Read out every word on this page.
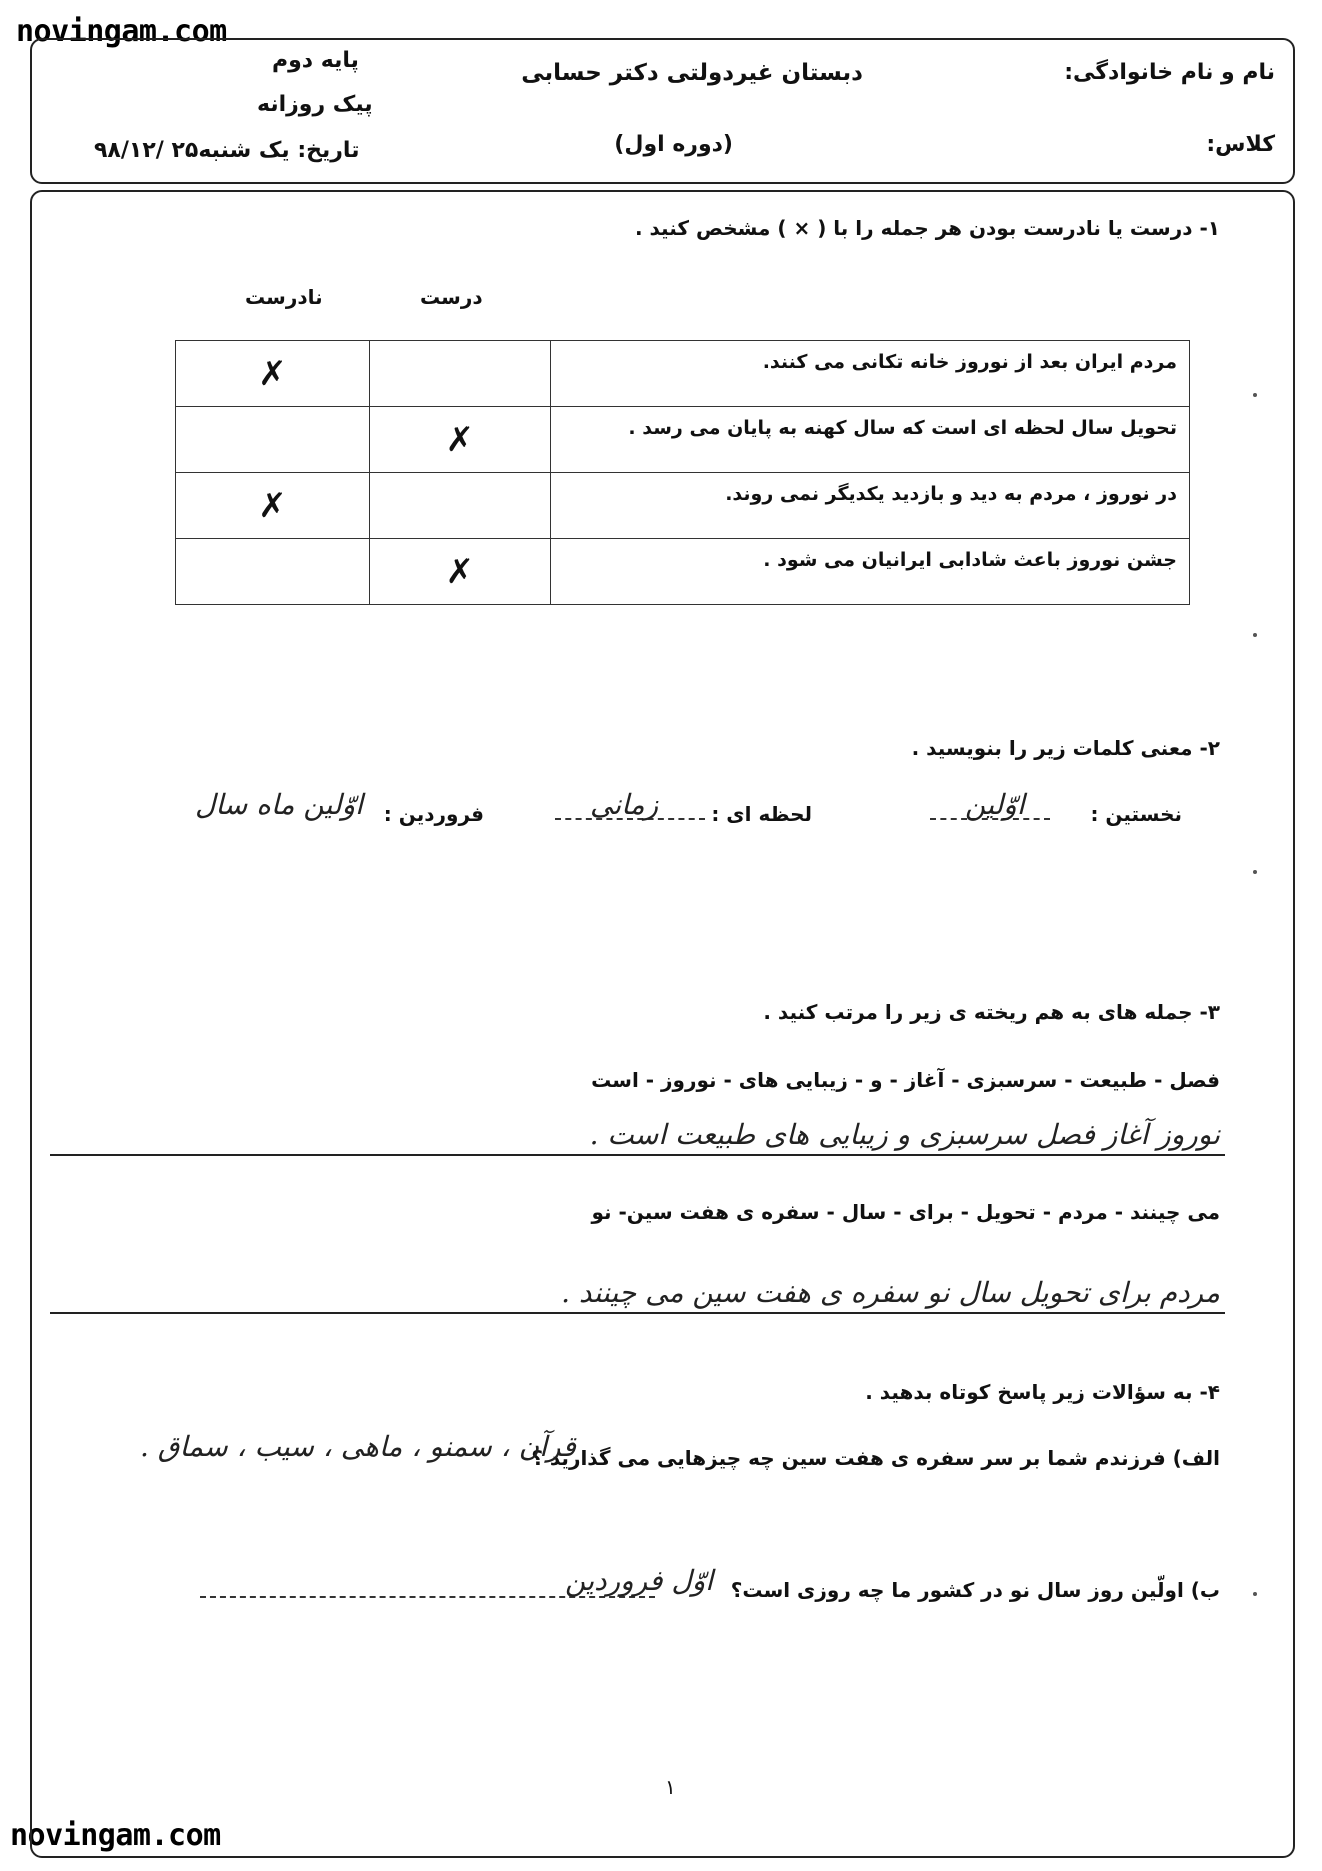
novingam.com
novingam.com
نام و نام خانوادگی:
کلاس:
دبستان غیردولتی دکتر حسابی
(دوره اول)
پایه دوم
پیک روزانه
تاریخ: یک شنبه۲۵ /۹۸/۱۲
۱- درست یا نادرست بودن هر جمله را با ( × ) مشخص کنید .
درست
نادرست
مردم ایران بعد از نوروز خانه تکانی می کنند.		✗
تحویل سال لحظه ای است که سال کهنه به پایان می رسد .	✗	
در نوروز ، مردم به دید و بازدید یکدیگر نمی روند.		✗
جشن نوروز باعث شادابی ایرانیان می شود .	✗	
۲- معنی کلمات زیر را بنویسید .
نخستین :
اوّلین
لحظه ای :
زمانی
فروردین :
اوّلین ماه سال
۳- جمله های به هم ریخته ی زیر را مرتب کنید .
فصل - طبیعت - سرسبزی - آغاز - و - زیبایی های - نوروز - است
نوروز آغاز فصل سرسبزی و زیبایی های طبیعت است .
می چینند - مردم - تحویل - برای - سال - سفره ی هفت سین- نو
مردم برای تحویل سال نو سفره ی هفت سین می چینند .
۴- به سؤالات زیر پاسخ کوتاه بدهید .
الف) فرزندم شما بر سر سفره ی هفت سین چه چیزهایی می گذارید ؟
قرآن ، سمنو ، ماهی ، سیب ، سماق .
ب) اولّین روز سال نو در کشور ما چه روزی است؟
اوّل فروردین
۱
